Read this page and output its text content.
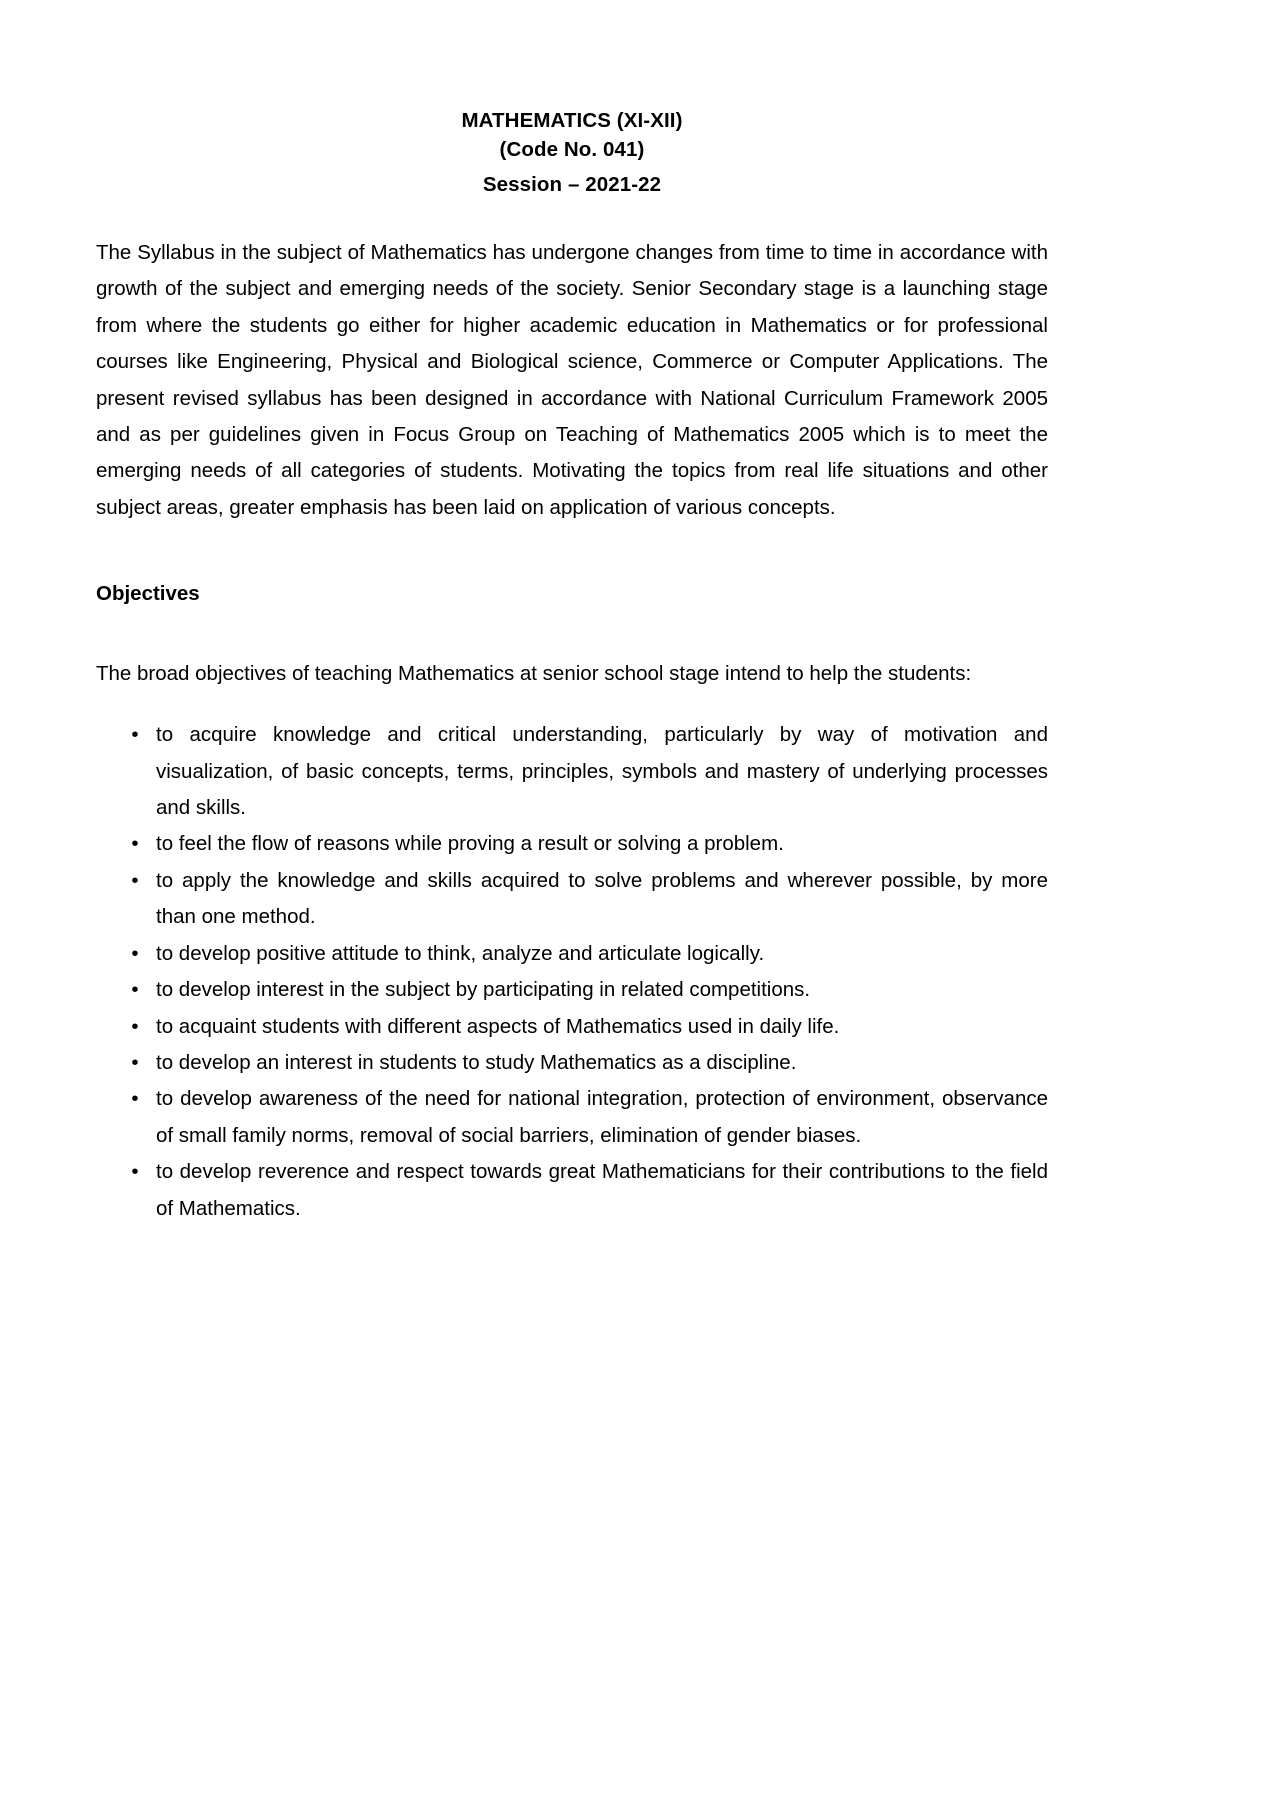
MATHEMATICS (XI-XII)
(Code No. 041)
Session – 2021-22

The Syllabus in the subject of Mathematics has undergone changes from time to time in accordance with growth of the subject and emerging needs of the society. Senior Secondary stage is a launching stage from where the students go either for higher academic education in Mathematics or for professional courses like Engineering, Physical and Biological science, Commerce or Computer Applications. The present revised syllabus has been designed in accordance with National Curriculum Framework 2005 and as per guidelines given in Focus Group on Teaching of Mathematics 2005 which is to meet the emerging needs of all categories of students. Motivating the topics from real life situations and other subject areas, greater emphasis has been laid on application of various concepts.

Objectives

The broad objectives of teaching Mathematics at senior school stage intend to help the students:

• to acquire knowledge and critical understanding, particularly by way of motivation and visualization, of basic concepts, terms, principles, symbols and mastery of underlying processes and skills.
• to feel the flow of reasons while proving a result or solving a problem.
• to apply the knowledge and skills acquired to solve problems and wherever possible, by more than one method.
• to develop positive attitude to think, analyze and articulate logically.
• to develop interest in the subject by participating in related competitions.
• to acquaint students with different aspects of Mathematics used in daily life.
• to develop an interest in students to study Mathematics as a discipline.
• to develop awareness of the need for national integration, protection of environment, observance of small family norms, removal of social barriers, elimination of gender biases.
• to develop reverence and respect towards great Mathematicians for their contributions to the field of Mathematics.
